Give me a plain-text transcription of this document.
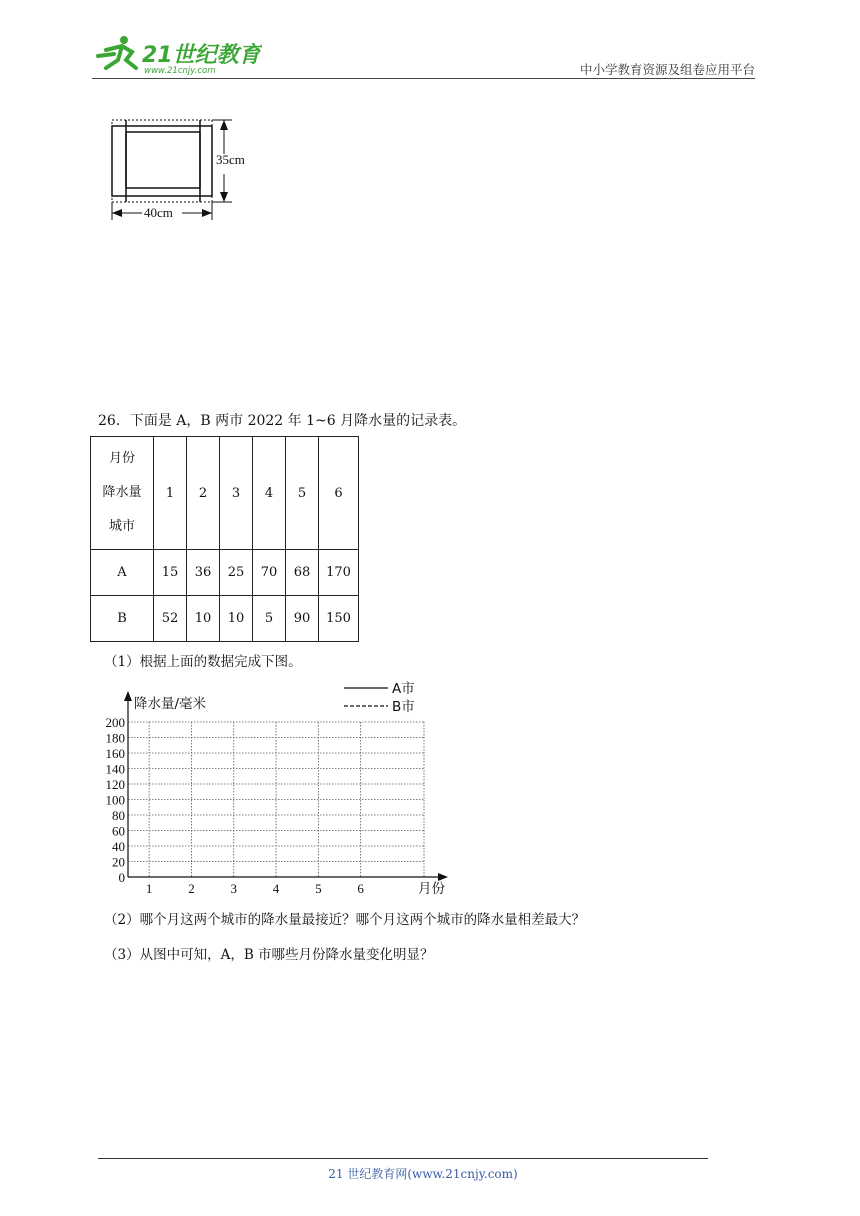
21世纪教育
www.21cnjy.com	中小学教育资源及组卷应用平台
35cm
40cm
26．下面是 A，B 两市 2022 年 1~6 月降水量的记录表。
月份
降水量
城市	1	2	3	4	5	6
A	15	36	25	70	68	170
B	52	10	10	5	90	150
（1）根据上面的数据完成下图。
0
20
40
60
80
100
120
140
160
180
200
1	2	3	4	5	6
降水量/毫米
月份
A市
B市
（2）哪个月这两个城市的降水量最接近？哪个月这两个城市的降水量相差最大？
（3）从图中可知，A，B 市哪些月份降水量变化明显？
21 世纪教育网(www.21cnjy.com)
